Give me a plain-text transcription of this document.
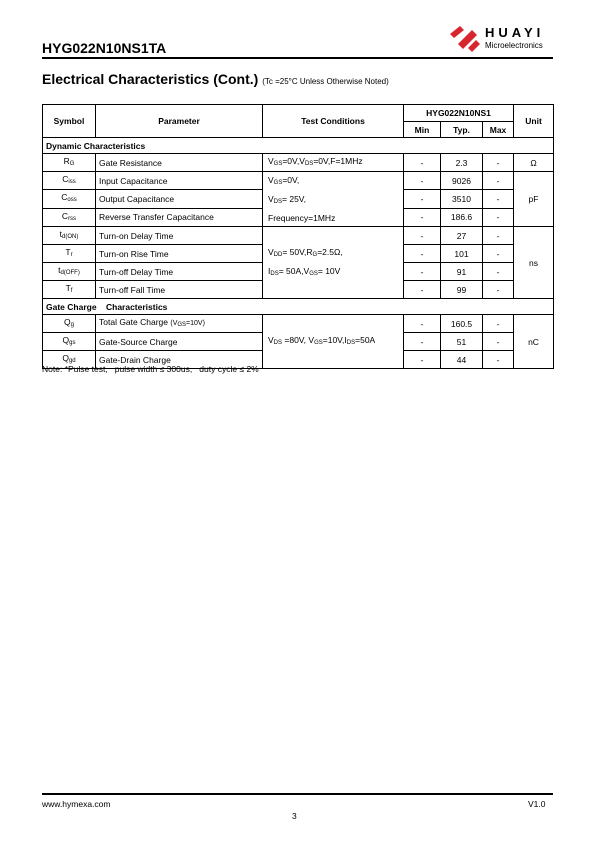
HYG022N10NS1TA
HUAYI
Microelectronics
Electrical Characteristics (Cont.) (Tc =25°C Unless Otherwise Noted)
Symbol	Parameter	Test Conditions	HYG022N10NS1			Unit
			Min	Typ.	Max	
Dynamic Characteristics						
$R_G$	Gate Resistance	$V_{GS}=0V,V_{DS}=0V,F=1MHz$	-	2.3	-	Ω
$C_{iss}$	Input Capacitance	$V_{GS}=0V$,
$V_{DS}= 25V$,
Frequency=1MHz	-	9026	-	pF
$C_{oss}$	Output Capacitance		-	3510	-	
$C_{rss}$	Reverse Transfer Capacitance		-	186.6	-	
$t_{d(ON)}$	Turn-on Delay Time	$V_{DD}= 50V,R_G=2.5\Omega$,
$I_{DS}= 50A,V_{GS}= 10V$	-	27	-	ns
$T_r$	Turn-on Rise Time		-	101	-	
$t_{d(OFF)}$	Turn-off Delay Time		-	91	-	
$T_f$	Turn-off Fall Time		-	99	-	
Gate Charge    Characteristics						
$Q_g$	Total Gate Charge $(V_{GS}=10V)$	$V_{DS} =80V$, $V_{GS}=10V,I_{DS}=50A$	-	160.5	-	nC
$Q_{gs}$	Gate-Source Charge		-	51	-	
$Q_{gd}$	Gate-Drain Charge		-	44	-	
Note: *Pulse test,   pulse width ≤ 300us,   duty cycle ≤ 2%
www.hymexa.com	V1.0
3
